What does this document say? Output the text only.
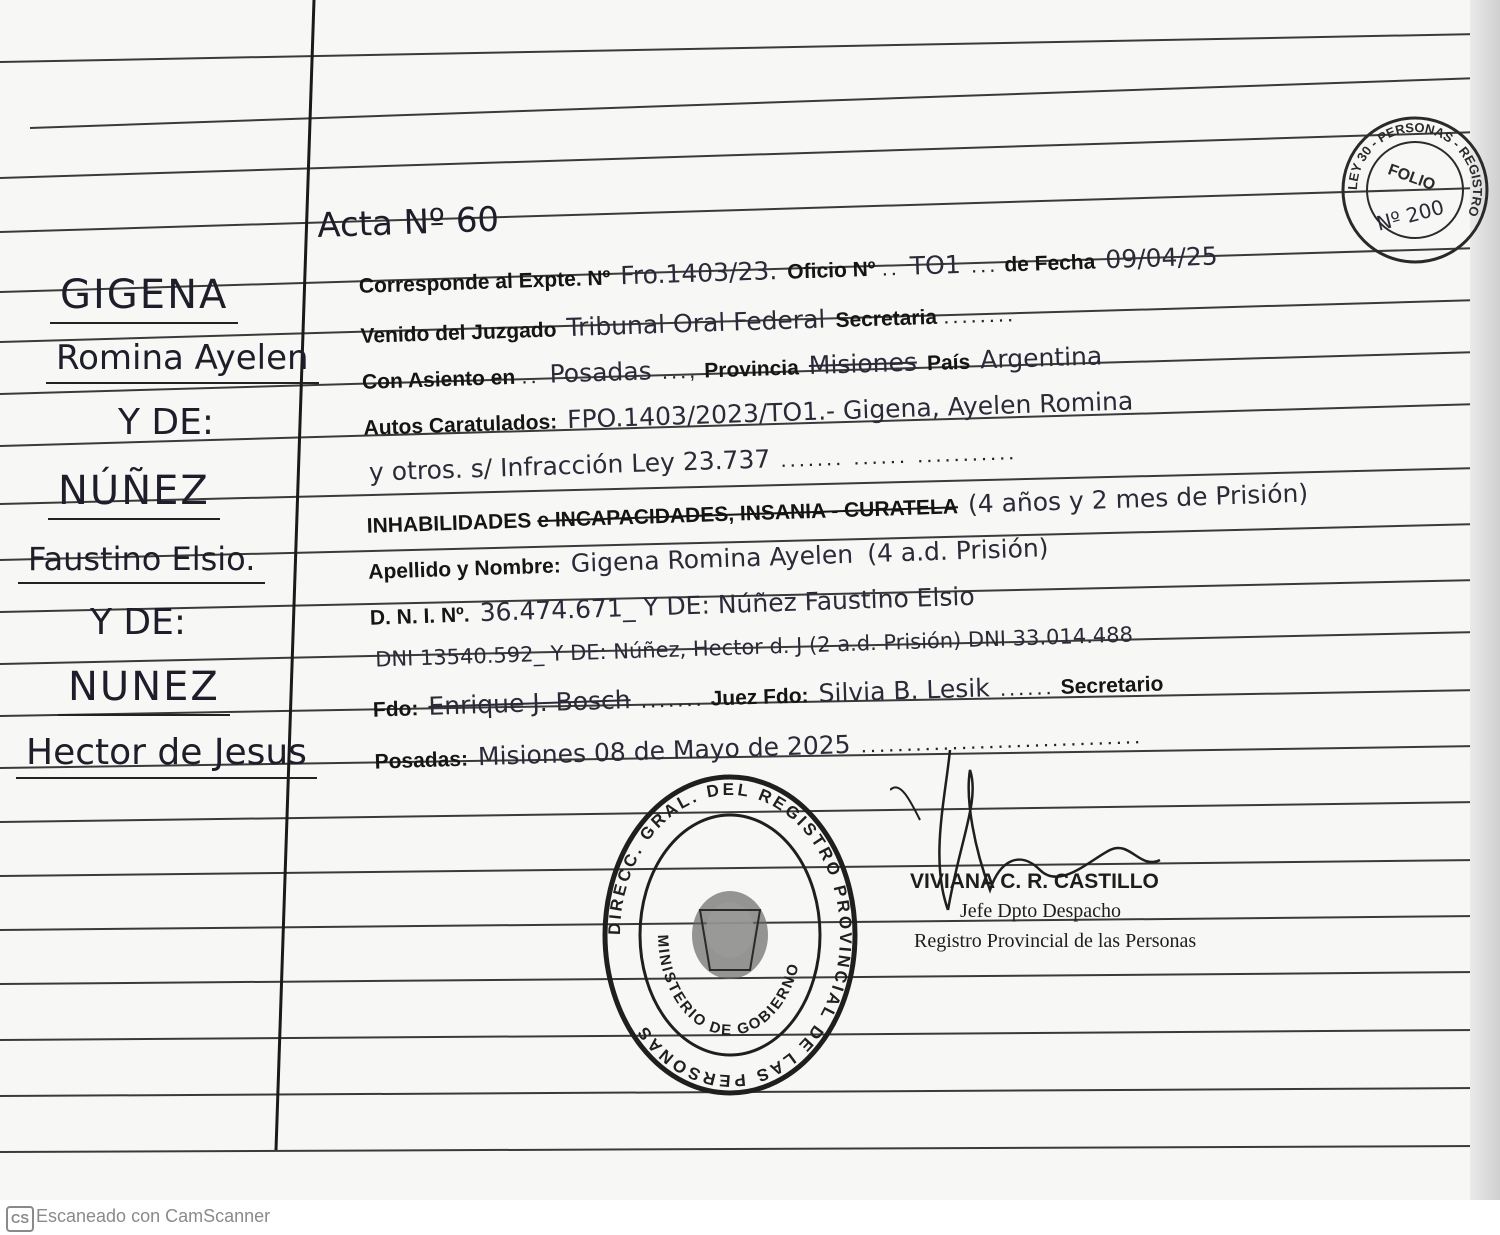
GIGENA
Romina Ayelen
Y DE:
NÚÑEZ
Faustino Elsio.
Y DE:
NUNEZ
Hector de Jesus
Acta Nº 60
Corresponde al Expte. Nº Fro.1403/23. Oficio Nº .. TO1 ... de Fecha 09/04/25
Venido del Juzgado Tribunal Oral Federal Secretaria ........
Con Asiento en .. Posadas ..., Provincia Misiones País Argentina
Autos Caratulados: FPO.1403/2023/TO1.- Gigena, Ayelen Romina
y otros. s/ Infracción Ley 23.737 ....... ...... ...........
INHABILIDADES e INCAPACIDADES, INSANIA - CURATELA (4 años y 2 mes de Prisión)
Apellido y Nombre: Gigena Romina Ayelen (4 a.d. Prisión)
D. N. I. Nº. 36.474.671_ Y DE: Núñez Faustino Elsio
DNI 13540.592_ Y DE: Núñez, Hector d. J (2 a.d. Prisión) DNI 33.014.488
Fdo: Enrique J. Bosch ....... Juez Fdo: Silvia B. Lesik ...... Secretario
Posadas: Misiones 08 de Mayo de 2025 ...............................
LEY 30 - PERSONAS - REGISTRO
FOLIO
Nº 200
DIRECC. GRAL. DEL REGISTRO PROVINCIAL DE LAS PERSONAS
MINISTERIO DE GOBIERNO
VIVIANA C. R. CASTILLO
Jefe Dpto Despacho
Registro Provincial de las Personas
CS Escaneado con CamScanner
